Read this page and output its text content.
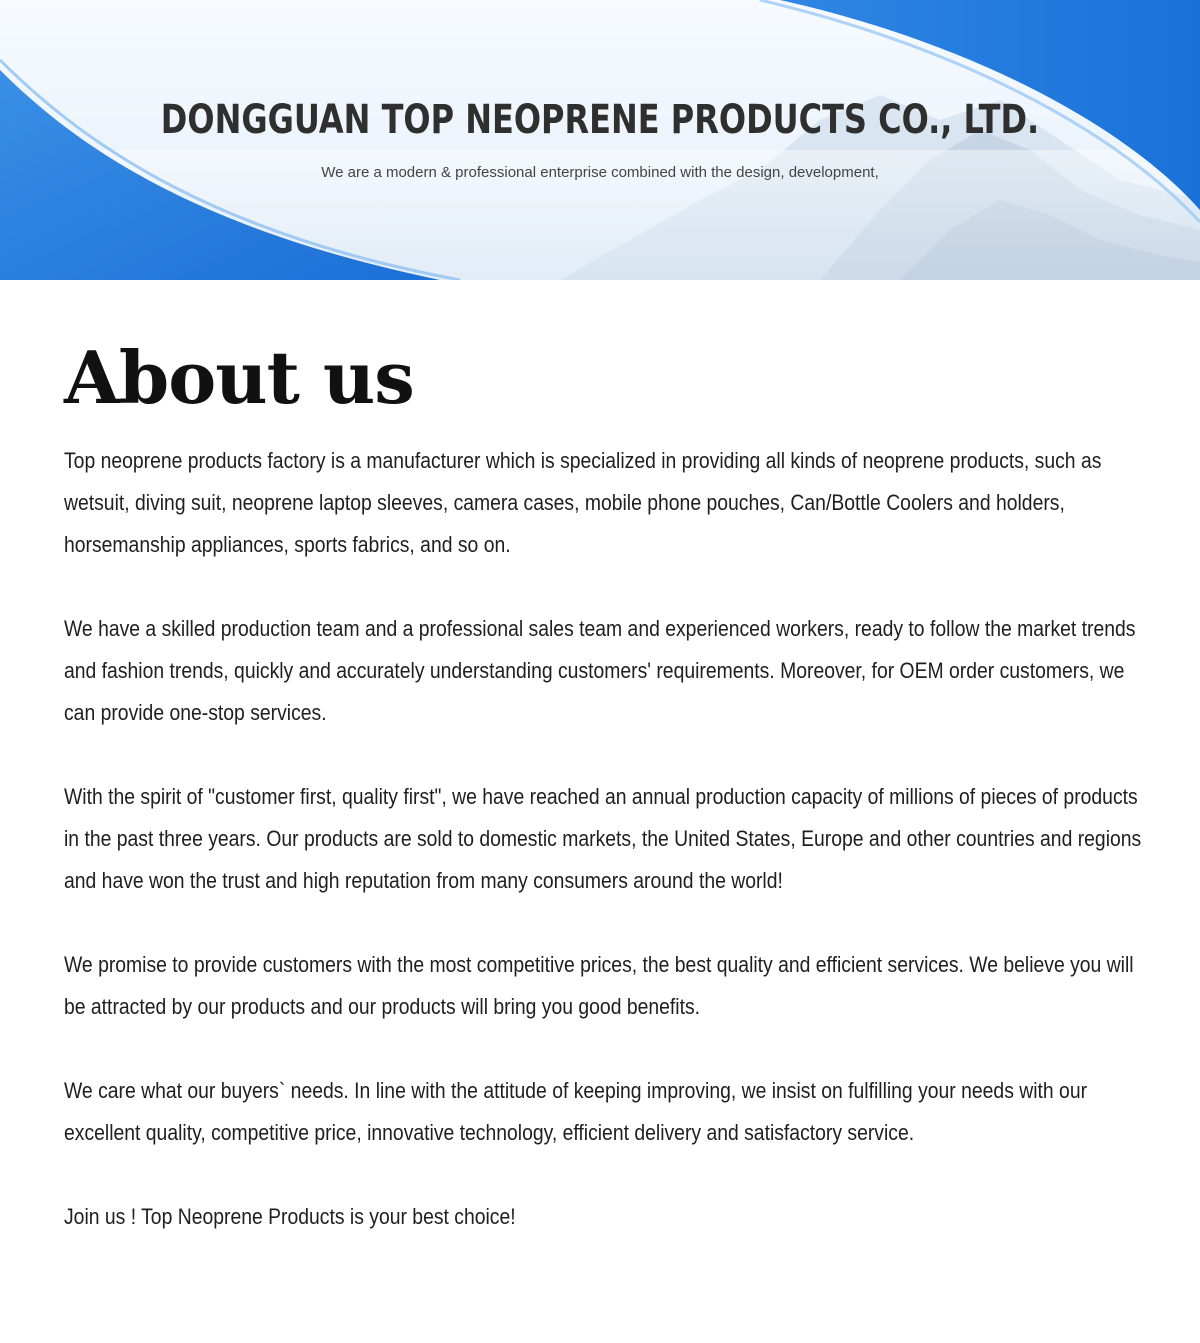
DONGGUAN TOP NEOPRENE PRODUCTS CO., LTD.
We are a modern & professional enterprise combined with the design, development,
About us

Top neoprene products factory is a manufacturer which is specialized in providing all kinds of neoprene products, such as wetsuit, diving suit, neoprene laptop sleeves, camera cases, mobile phone pouches, Can/Bottle Coolers and holders, horsemanship appliances, sports fabrics, and so on.

We have a skilled production team and a professional sales team and experienced workers, ready to follow the market trends and fashion trends, quickly and accurately understanding customers' requirements. Moreover, for OEM order customers, we can provide one-stop services.

With the spirit of "customer first, quality first", we have reached an annual production capacity of millions of pieces of products in the past three years. Our products are sold to domestic markets, the United States, Europe and other countries and regions and have won the trust and high reputation from many consumers around the world!

We promise to provide customers with the most competitive prices, the best quality and efficient services. We believe you will be attracted by our products and our products will bring you good benefits.

We care what our buyers` needs. In line with the attitude of keeping improving, we insist on fulfilling your needs with our excellent quality, competitive price, innovative technology, efficient delivery and satisfactory service.

Join us ! Top Neoprene Products is your best choice!
